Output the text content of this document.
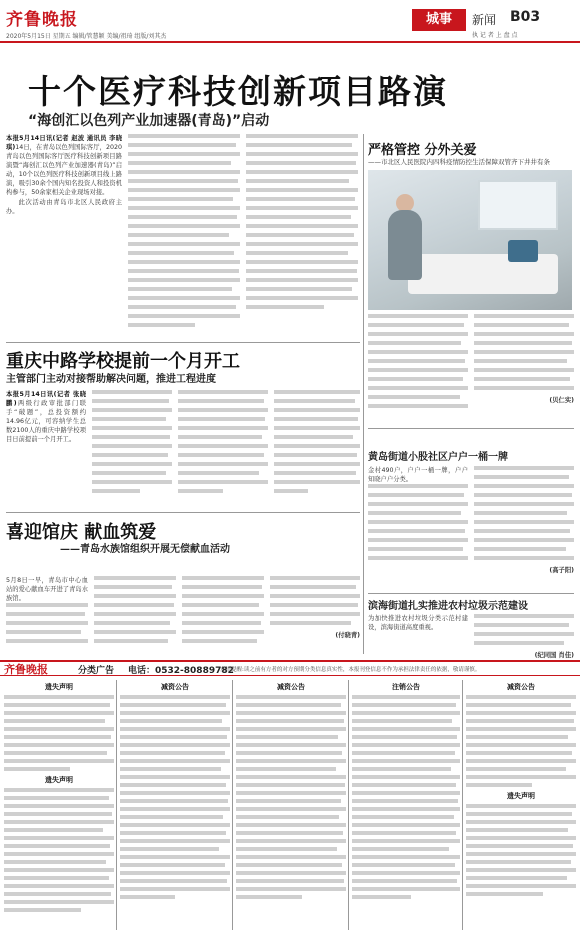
齐鲁晚报
2020年5月15日 星期五 编辑/管慧颖 美编/祖琦 组版/刘其杰
城事	新闻 B03
执 记 者 上 盘 点
十个医疗科技创新项目路演
“海创汇以色列产业加速器(青岛)”启动
本报5月14日讯(记者 赵波 通讯员 李晓琪)14日，在青岛以色列国际客厅，2020青岛以色列国际客厅医疗科技创新项目路演暨“海创汇以色列产业加速器(青岛)”启动，10个以色列医疗科技创新项目线上路演，吸引30余个国内知名投资人和投资机构参与，50余家相关企业现场对接。
此次活动由青岛市北区人民政府主办。
重庆中路学校提前一个月开工
主管部门主动对接帮助解决问题，推进工程进度
本报5月14日讯(记者 张晓鹏)两级行政审批部门联手“破题”，总投资额约14.96亿元，可容纳学生总数2100人的重庆中路学校项目日前提前一个月开工。
喜迎馆庆 献血筑爱
——青岛水族馆组织开展无偿献血活动
5月8日一早，青岛市中心血站的爱心献血车开进了青岛水族馆。
(付晓青)
严格管控 分外关爱
——市北区人民医院内四科疫情防控生活保障双管齐下井井有条
(贝仁实)
黄岛街道小股社区户户一桶一牌
金村490户，户户一桶一牌，户户知晓户户分类。
(高子阳)
滨海街道扎实推进农村垃圾示范建设
为加快推进农村垃圾分类示范村建设，滨海街道高度重视。
(纪同国 肖佳)
齐鲁晚报	分类广告 电话：0532-80889782
友情提醒:读之前有方者的对方预期分类信息真实性，本报刊登信息不作为承担法律责任的依据，敬请谨慎。
遗失声明
遗失声明
减资公告	减资公告	注销公告	减资公告
遗失声明
